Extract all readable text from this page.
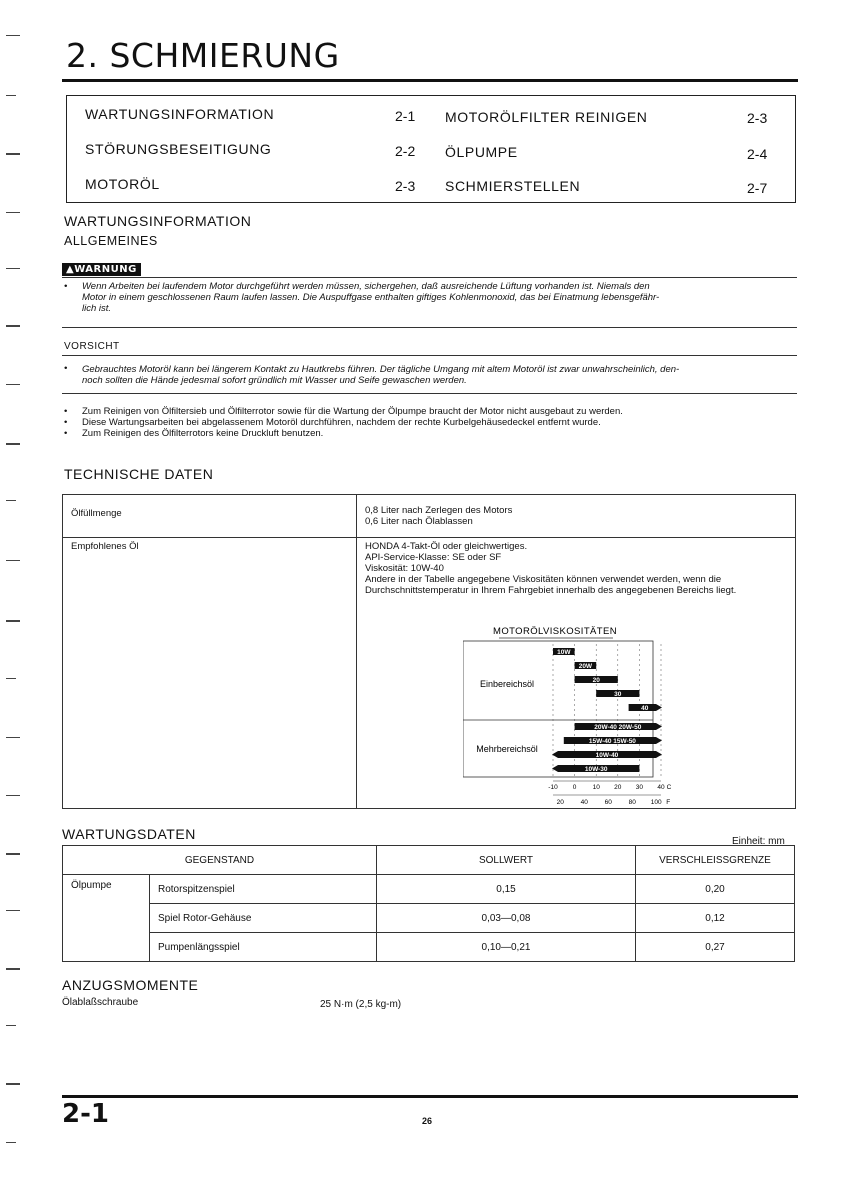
2. SCHMIERUNG
WARTUNGSINFORMATION	2-1
STÖRUNGSBESEITIGUNG	2-2
MOTORÖL	2-3
MOTORÖLFILTER REINIGEN	2-3
ÖLPUMPE	2-4
SCHMIERSTELLEN	2-7
WARTUNGSINFORMATION
ALLGEMEINES
▲WARNUNG
• Wenn Arbeiten bei laufendem Motor durchgeführt werden müssen, sichergehen, daß ausreichende Lüftung vorhanden ist. Niemals den
Motor in einem geschlossenen Raum laufen lassen. Die Auspuffgase enthalten giftiges Kohlenmonoxid, das bei Einatmung lebensgefähr-
lich ist.
VORSICHT
• Gebrauchtes Motoröl kann bei längerem Kontakt zu Hautkrebs führen. Der tägliche Umgang mit altem Motoröl ist zwar unwahrscheinlich, den-
noch sollten die Hände jedesmal sofort gründlich mit Wasser und Seife gewaschen werden.
• Zum Reinigen von Ölfiltersieb und Ölfilterrotor sowie für die Wartung der Ölpumpe braucht der Motor nicht ausgebaut zu werden.
• Diese Wartungsarbeiten bei abgelassenem Motoröl durchführen, nachdem der rechte Kurbelgehäusedeckel entfernt wurde.
• Zum Reinigen des Ölfilterrotors keine Druckluft benutzen.
TECHNISCHE DATEN
Ölfüllmenge	0,8 Liter nach Zerlegen des Motors
0,6 Liter nach Ölablassen

Empfohlenes Öl	HONDA 4-Takt-Öl oder gleichwertiges.
API-Service-Klasse: SE oder SF
Viskosität: 10W-40
Andere in der Tabelle angegebene Viskositäten können verwendet werden, wenn die
Durchschnittstemperatur in Ihrem Fahrgebiet innerhalb des angegebenen Bereichs liegt.
MOTORÖLVISKOSITÄTEN
Einbereichsöl
Mehrbereichsöl
10W
20W
20
30
40
20W-40 20W-50
15W-40 15W-50
10W-40
10W-30
-10 0 10 20 30 40 C
20	40	60	80 100 F
WARTUNGSDATEN	Einheit: mm
GEGENSTAND		SOLLWERT	VERSCHLEISSGRENZE
Ölpumpe	Rotorspitzenspiel	0,15	0,20
	Spiel Rotor-Gehäuse	0,03—0,08	0,12
	Pumpenlängsspiel	0,10—0,21	0,27
ANZUGSMOMENTE
Ölablaßschraube	25 N·m (2,5 kg-m)
2-1	26
